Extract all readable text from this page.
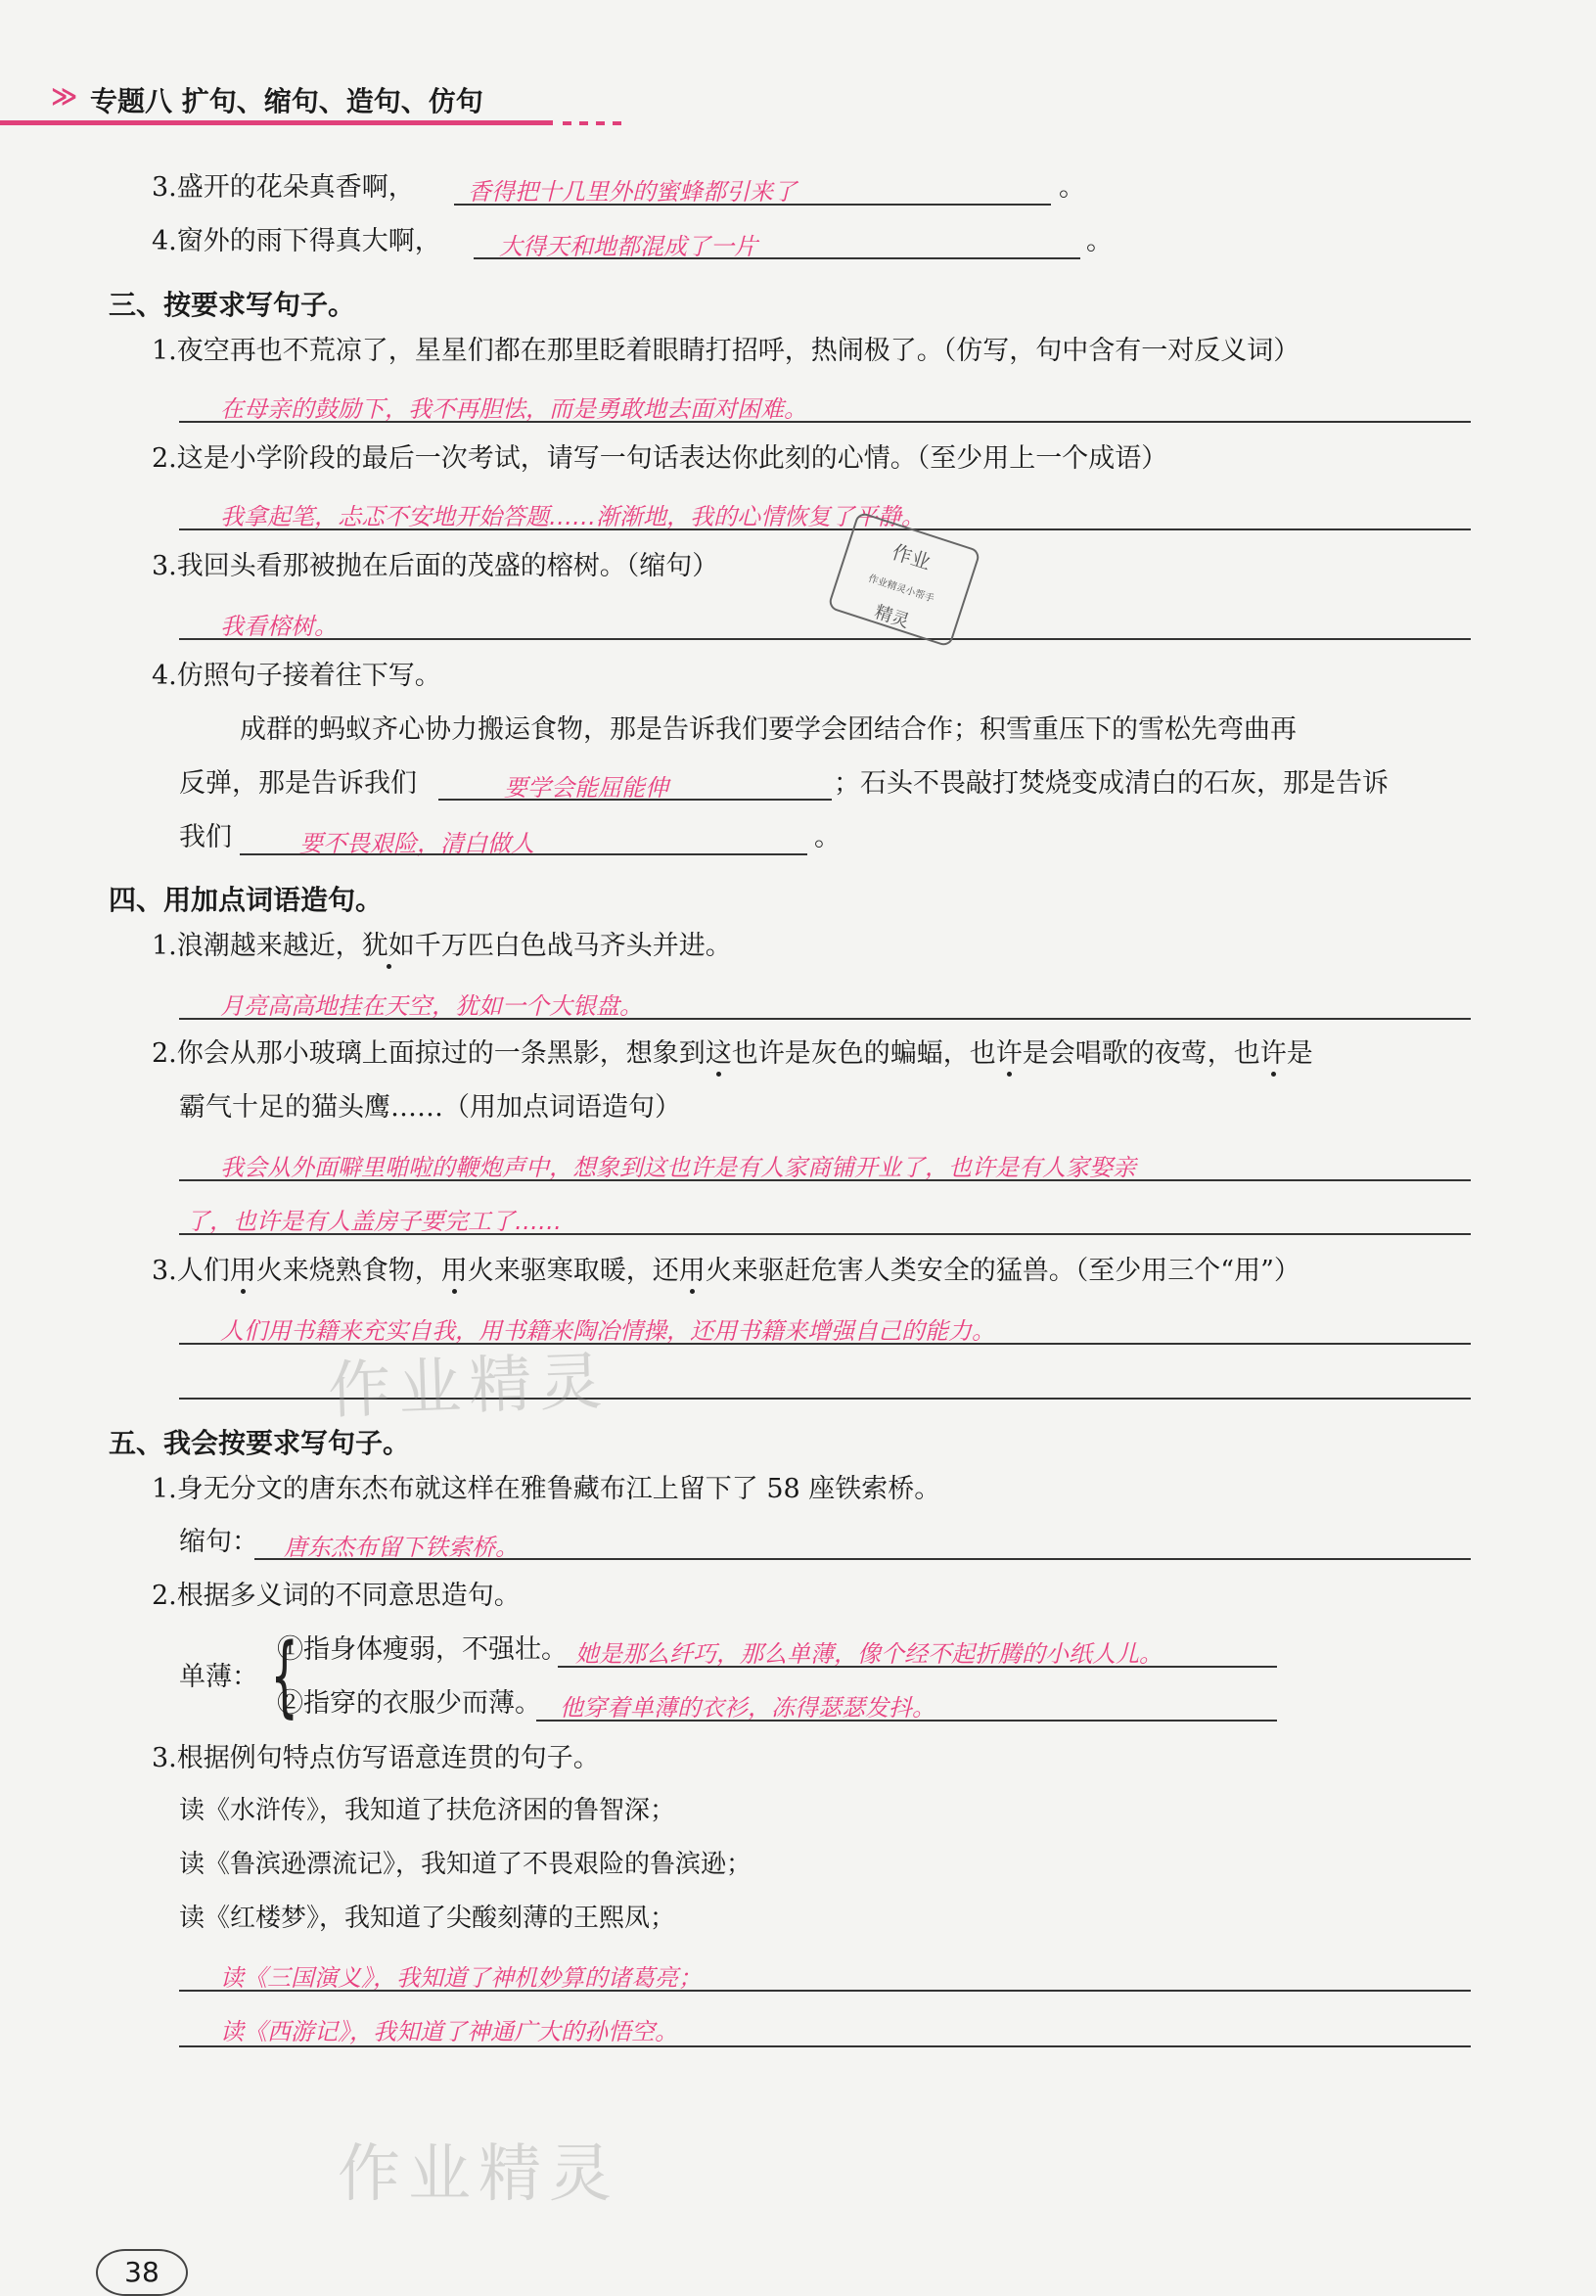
≫ 专题八 扩句、缩句、造句、仿句
3.盛开的花朵真香啊， 香得把十几里外的蜜蜂都引来了	。
4.窗外的雨下得真大啊， 大得天和地都混成了一片	。
三、按要求写句子。
1.夜空再也不荒凉了，星星们都在那里眨着眼睛打招呼，热闹极了。（仿写，句中含有一对反义词）
在母亲的鼓励下，我不再胆怯，而是勇敢地去面对困难。
2.这是小学阶段的最后一次考试，请写一句话表达你此刻的心情。（至少用上一个成语）
我拿起笔，忐忑不安地开始答题……渐渐地，我的心情恢复了平静。
3.我回头看那被抛在后面的茂盛的榕树。（缩句）
我看榕树。
作业
作业精灵小帮手
精灵
4.仿照句子接着往下写。
成群的蚂蚁齐心协力搬运食物，那是告诉我们要学会团结合作；积雪重压下的雪松先弯曲再
反弹，那是告诉我们	要学会能屈能伸	；石头不畏敲打焚烧变成清白的石灰，那是告诉
我们	要不畏艰险，清白做人	。
四、用加点词语造句。
1.浪潮越来越近，犹如千万匹白色战马齐头并进。
月亮高高地挂在天空，犹如一个大银盘。
2.你会从那小玻璃上面掠过的一条黑影，想象到这也许是灰色的蝙蝠，也许是会唱歌的夜莺，也许是
霸气十足的猫头鹰……（用加点词语造句）
我会从外面噼里啪啦的鞭炮声中，想象到这也许是有人家商铺开业了，也许是有人家娶亲
了，也许是有人盖房子要完工了……
3.人们用火来烧熟食物，用火来驱寒取暖，还用火来驱赶危害人类安全的猛兽。（至少用三个“用”）
人们用书籍来充实自我，用书籍来陶冶情操，还用书籍来增强自己的能力。
作业精灵
五、我会按要求写句子。
1.身无分文的唐东杰布就这样在雅鲁藏布江上留下了 58 座铁索桥。
缩句： 唐东杰布留下铁索桥。
2.根据多义词的不同意思造句。
单薄： {
①指身体瘦弱，不强壮。 她是那么纤巧，那么单薄，像个经不起折腾的小纸人儿。
②指穿的衣服少而薄。 他穿着单薄的衣衫，冻得瑟瑟发抖。
3.根据例句特点仿写语意连贯的句子。
读《水浒传》，我知道了扶危济困的鲁智深；
读《鲁滨逊漂流记》，我知道了不畏艰险的鲁滨逊；
读《红楼梦》，我知道了尖酸刻薄的王熙凤；
读《三国演义》，我知道了神机妙算的诸葛亮；
读《西游记》，我知道了神通广大的孙悟空。
作业精灵
38
